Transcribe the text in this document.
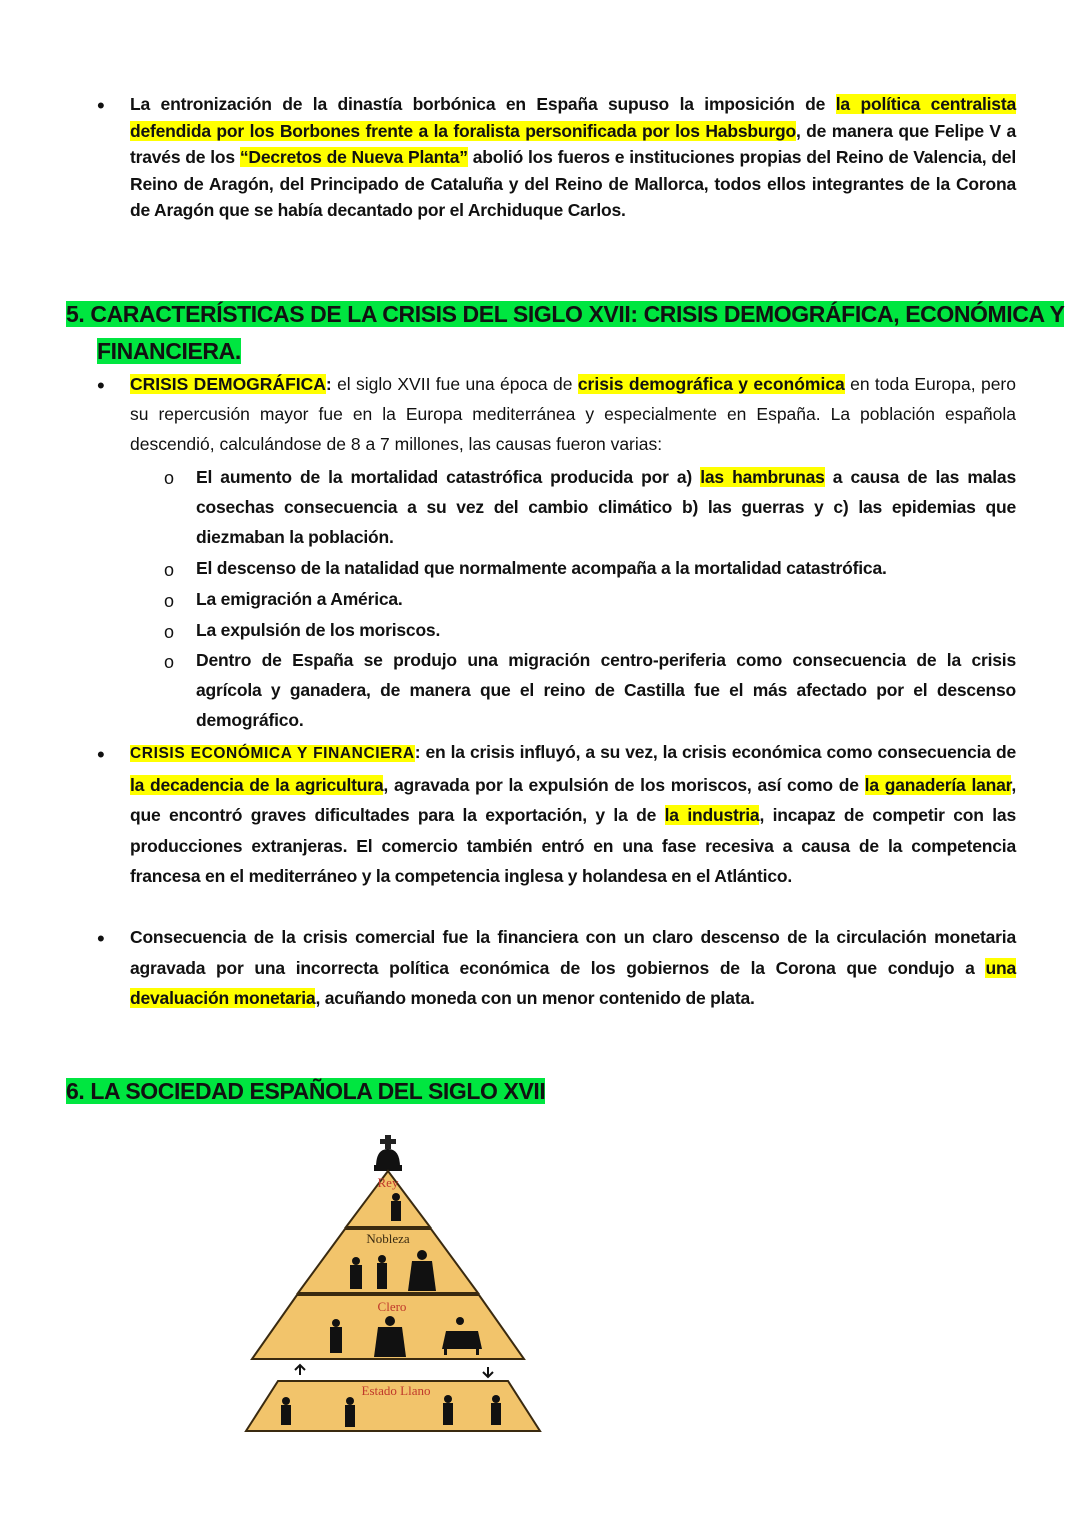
• La entronización de la dinastía borbónica en España supuso la imposición de la política centralista defendida por los Borbones frente a la foralista personificada por los Habsburgo, de manera que Felipe V a través de los “Decretos de Nueva Planta” abolió los fueros e instituciones propias del Reino de Valencia, del Reino de Aragón, del Principado de Cataluña y del Reino de Mallorca, todos ellos integrantes de la Corona de Aragón que se había decantado por el Archiduque Carlos.

5. CARACTERÍSTICAS DE LA CRISIS DEL SIGLO XVII: CRISIS DEMOGRÁFICA, ECONÓMICA Y
FINANCIERA.
• CRISIS DEMOGRÁFICA: el siglo XVII fue una época de crisis demográfica y económica en toda Europa, pero su repercusión mayor fue en la Europa mediterránea y especialmente en España. La población española descendió, calculándose de 8 a 7 millones, las causas fueron varias:

o El aumento de la mortalidad catastrófica producida por a) las hambrunas a causa de las malas cosechas consecuencia a su vez del cambio climático b) las guerras y c) las epidemias que diezmaban la población.

o El descenso de la natalidad que normalmente acompaña a la mortalidad catastrófica.
o La emigración a América.
o La expulsión de los moriscos.
o Dentro de España se produjo una migración centro-periferia como consecuencia de la crisis agrícola y ganadera, de manera que el reino de Castilla fue el más afectado por el descenso demográfico.

• CRISIS ECONÓMICA Y FINANCIERA: en la crisis influyó, a su vez, la crisis económica como consecuencia de la decadencia de la agricultura, agravada por la expulsión de los moriscos, así como de la ganadería lanar, que encontró graves dificultades para la exportación, y la de la industria, incapaz de competir con las producciones extranjeras. El comercio también entró en una fase recesiva a causa de la competencia francesa en el mediterráneo y la competencia inglesa y holandesa en el Atlántico.

• Consecuencia de la crisis comercial fue la financiera con un claro descenso de la circulación monetaria agravada por una incorrecta política económica de los gobiernos de la Corona que condujo a una devaluación monetaria, acuñando moneda con un menor contenido de plata.

6. LA SOCIEDAD ESPAÑOLA DEL SIGLO XVII
Rey
Nobleza
Clero
Estado Llano
